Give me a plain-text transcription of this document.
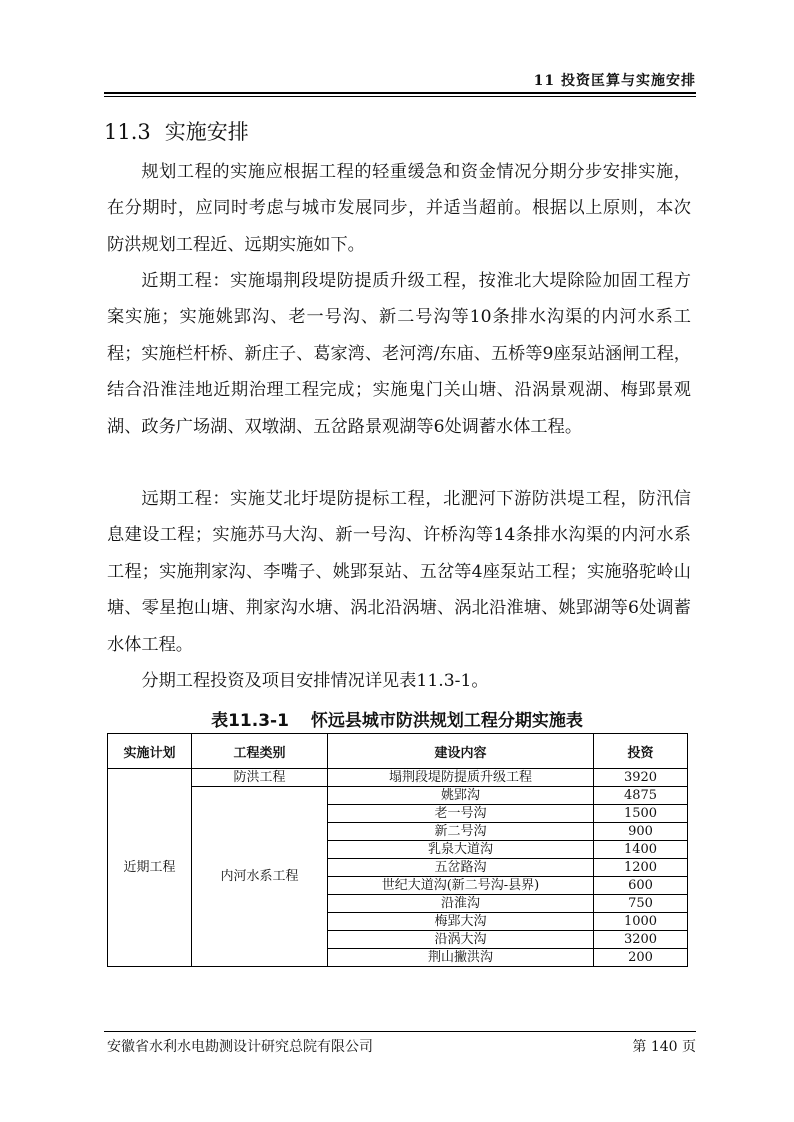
11 投资匡算与实施安排
11.3 实施安排

规划工程的实施应根据工程的轻重缓急和资金情况分期分步安排实施，在分期时，应同时考虑与城市发展同步，并适当超前。根据以上原则，本次防洪规划工程近、远期实施如下。

近期工程：实施塌荆段堤防提质升级工程，按淮北大堤除险加固工程方案实施；实施姚郢沟、老一号沟、新二号沟等10条排水沟渠的内河水系工程；实施栏杆桥、新庄子、葛家湾、老河湾/东庙、五桥等9座泵站涵闸工程，结合沿淮洼地近期治理工程完成；实施鬼门关山塘、沿涡景观湖、梅郢景观湖、政务广场湖、双墩湖、五岔路景观湖等6处调蓄水体工程。

远期工程：实施艾北圩堤防提标工程，北淝河下游防洪堤工程，防汛信息建设工程；实施苏马大沟、新一号沟、许桥沟等14条排水沟渠的内河水系工程；实施荆家沟、李嘴子、姚郢泵站、五岔等4座泵站工程；实施骆驼岭山塘、零星抱山塘、荆家沟水塘、涡北沿涡塘、涡北沿淮塘、姚郢湖等6处调蓄水体工程。

分期工程投资及项目安排情况详见表11.3-1。

表11.3-1 怀远县城市防洪规划工程分期实施表
实施计划	工程类别	建设内容	投资
近期工程	防洪工程	塌荆段堤防提质升级工程	3920
	内河水系工程	姚郢沟	4875
		老一号沟	1500
		新二号沟	900
		乳泉大道沟	1400
		五岔路沟	1200
		世纪大道沟(新二号沟-县界)	600
		沿淮沟	750
		梅郢大沟	1000
		沿涡大沟	3200
		荆山撇洪沟	200
安徽省水利水电勘测设计研究总院有限公司	第 140 页
